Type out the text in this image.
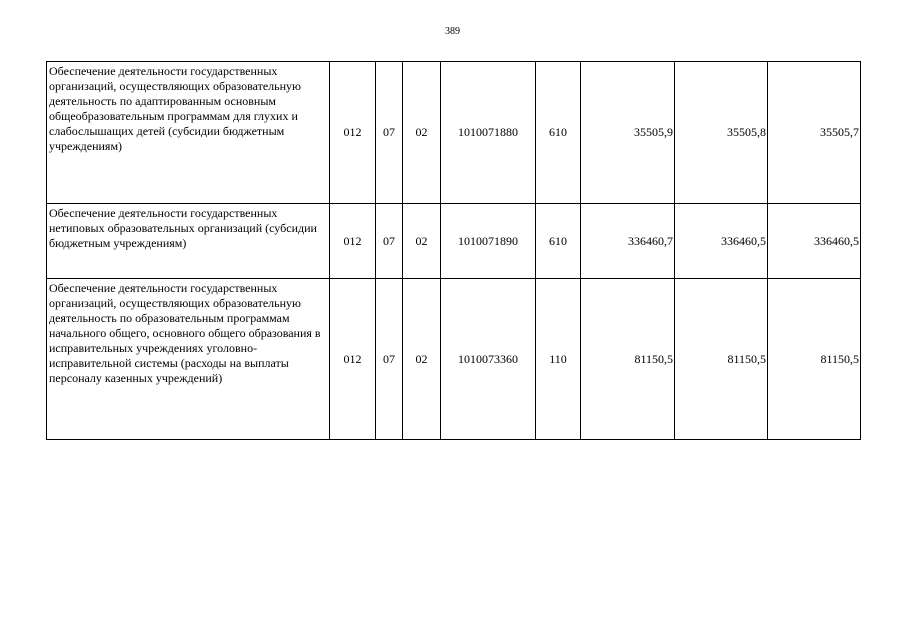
389
Обеспечение деятельности государственных организаций, осуществляющих образовательную деятельность по адаптированным основным общеобразовательным программам для глухих и слабослышащих детей (субсидии бюджетным учреждениям)	012	07	02	1010071880	610	35505,9	35505,8	35505,7
Обеспечение деятельности государственных нетиповых образовательных организаций (субсидии бюджетным учреждениям)	012	07	02	1010071890	610	336460,7	336460,5	336460,5
Обеспечение деятельности государственных организаций, осуществляющих образовательную деятельность по образовательным программам начального общего, основного общего образования в исправительных учреждениях уголовно-исправительной системы (расходы на выплаты персоналу казенных учреждений)	012	07	02	1010073360	110	81150,5	81150,5	81150,5
